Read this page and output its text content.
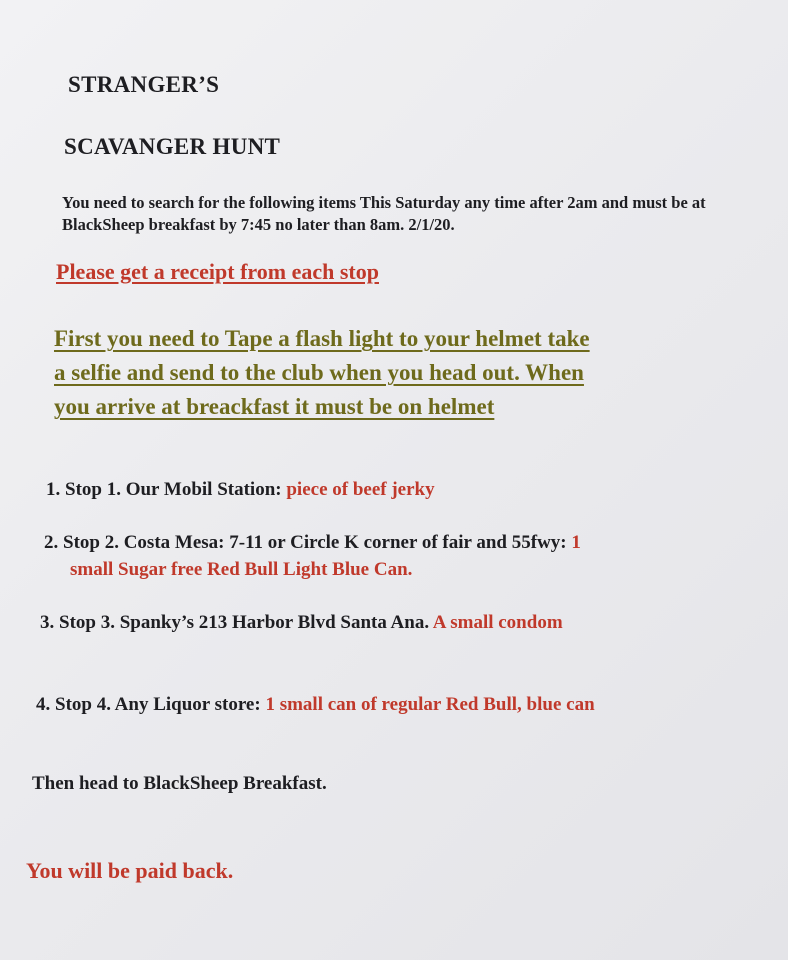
STRANGER’S
SCAVANGER HUNT
You need to search for the following items This Saturday any time after 2am and must be at BlackSheep breakfast by 7:45 no later than 8am. 2/1/20.
Please get a receipt from each stop
First you need to Tape a flash light to your helmet take
a selfie and send to the club when you head out. When
you arrive at breackfast it must be on helmet
1. Stop 1. Our Mobil Station: piece of beef jerky
2. Stop 2. Costa Mesa: 7-11 or Circle K corner of fair and 55fwy: 1
small Sugar free Red Bull Light Blue Can.
3. Stop 3. Spanky’s 213 Harbor Blvd Santa Ana. A small condom
4. Stop 4. Any Liquor store: 1 small can of regular Red Bull, blue can
Then head to BlackSheep Breakfast.
You will be paid back.
